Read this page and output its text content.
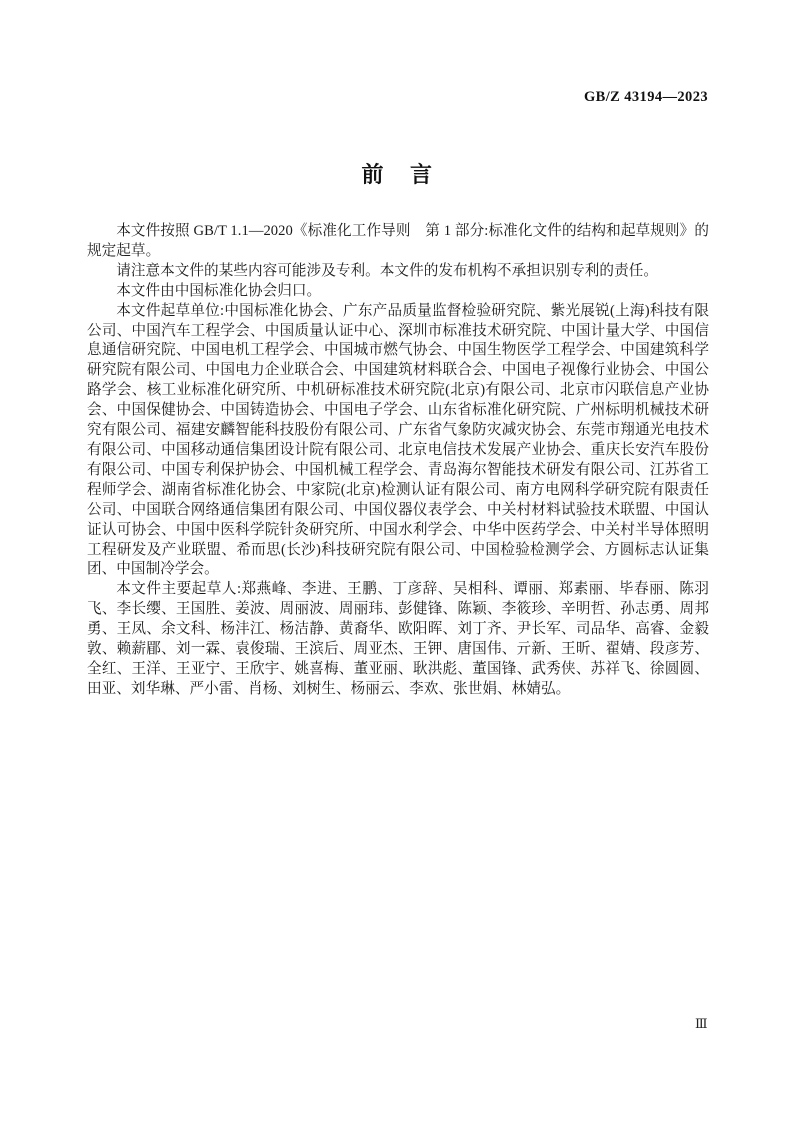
GB/Z 43194—2023
前 言

本文件按照 GB/T 1.1—2020《标准化工作导则　第 1 部分:标准化文件的结构和起草规则》的规定起草。

请注意本文件的某些内容可能涉及专利。本文件的发布机构不承担识别专利的责任。

本文件由中国标准化协会归口。

本文件起草单位:中国标准化协会、广东产品质量监督检验研究院、紫光展锐(上海)科技有限公司、中国汽车工程学会、中国质量认证中心、深圳市标准技术研究院、中国计量大学、中国信息通信研究院、中国电机工程学会、中国城市燃气协会、中国生物医学工程学会、中国建筑科学研究院有限公司、中国电力企业联合会、中国建筑材料联合会、中国电子视像行业协会、中国公路学会、核工业标准化研究所、中机研标准技术研究院(北京)有限公司、北京市闪联信息产业协会、中国保健协会、中国铸造协会、中国电子学会、山东省标准化研究院、广州标明机械技术研究有限公司、福建安麟智能科技股份有限公司、广东省气象防灾减灾协会、东莞市翔通光电技术有限公司、中国移动通信集团设计院有限公司、北京电信技术发展产业协会、重庆长安汽车股份有限公司、中国专利保护协会、中国机械工程学会、青岛海尔智能技术研发有限公司、江苏省工程师学会、湖南省标准化协会、中家院(北京)检测认证有限公司、南方电网科学研究院有限责任公司、中国联合网络通信集团有限公司、中国仪器仪表学会、中关村材料试验技术联盟、中国认证认可协会、中国中医科学院针灸研究所、中国水利学会、中华中医药学会、中关村半导体照明工程研发及产业联盟、希而思(长沙)科技研究院有限公司、中国检验检测学会、方圆标志认证集团、中国制冷学会。

本文件主要起草人:郑燕峰、李进、王鹏、丁彦辞、吴相科、谭丽、郑素丽、毕春丽、陈羽飞、李长缨、王国胜、姜波、周丽波、周丽玮、彭健锋、陈颖、李筱珍、辛明哲、孙志勇、周邦勇、王凤、余文科、杨沣江、杨洁静、黄裔华、欧阳晖、刘丁齐、尹长军、司品华、高睿、金毅敦、赖薪郿、刘一霖、袁俊瑞、王滨后、周亚杰、王钾、唐国伟、亓新、王昕、翟婧、段彦芳、全红、王洋、王亚宁、王欣宇、姚喜梅、董亚丽、耿洪彪、董国锋、武秀侠、苏祥飞、徐圆圆、田亚、刘华琳、严小雷、肖杨、刘树生、杨丽云、李欢、张世娟、林婧弘。

Ⅲ
